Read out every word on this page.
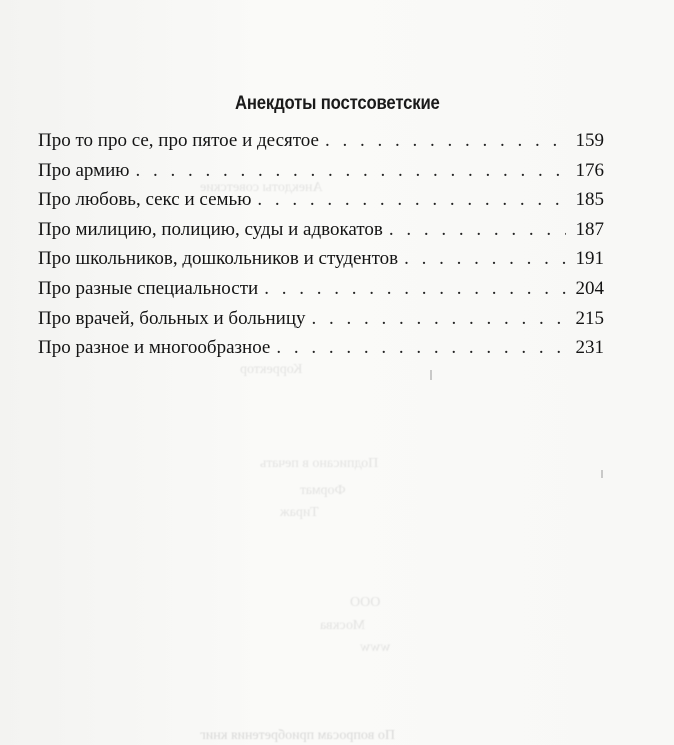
Анекдоты советские
Корректор
Подписано в печать
Формат
Тираж
ООО
Москва
www
По вопросам приобретения книг
Анекдоты постсоветские
Про то про се, про пятое и десятое . . .	159
Про армию . . .	176
Про любовь, секс и семью . . .	185
Про милицию, полицию, суды и адвокатов . . .	187
Про школьников, дошкольников и студентов . . .	191
Про разные специальности . . .	204
Про врачей, больных и больницу . . .	215
Про разное и многообразное . . .	231
